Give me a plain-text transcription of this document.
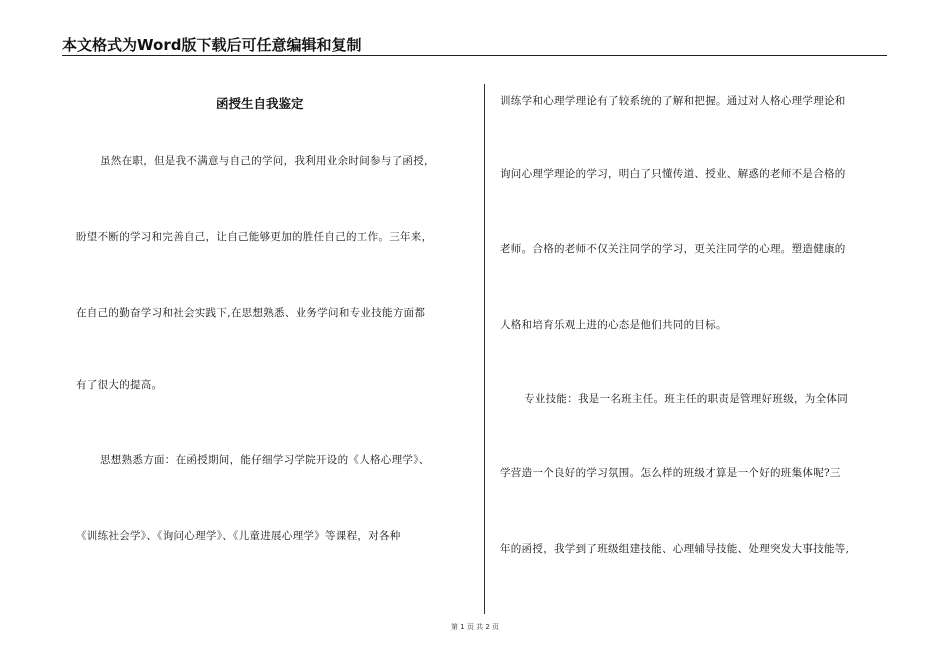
本文格式为Word版下载后可任意编辑和复制
函授生自我鉴定
虽然在职，但是我不满意与自己的学问，我利用业余时间参与了函授，
盼望不断的学习和完善自己，让自己能够更加的胜任自己的工作。三年来，
在自己的勤奋学习和社会实践下,在思想熟悉、业务学问和专业技能方面都
有了很大的提高。
思想熟悉方面：在函授期间，能仔细学习学院开设的《人格心理学》、
《训练社会学》、《询问心理学》、《儿童进展心理学》等课程，对各种
训练学和心理学理论有了较系统的了解和把握。通过对人格心理学理论和
询问心理学理论的学习，明白了只懂传道、授业、解惑的老师不是合格的
老师。合格的老师不仅关注同学的学习，更关注同学的心理。塑造健康的
人格和培育乐观上进的心态是他们共同的目标。
专业技能：我是一名班主任。班主任的职责是管理好班级，为全体同
学营造一个良好的学习氛围。怎么样的班级才算是一个好的班集体呢?三
年的函授，我学到了班级组建技能、心理辅导技能、处理突发大事技能等,
第 1 页 共 2 页
